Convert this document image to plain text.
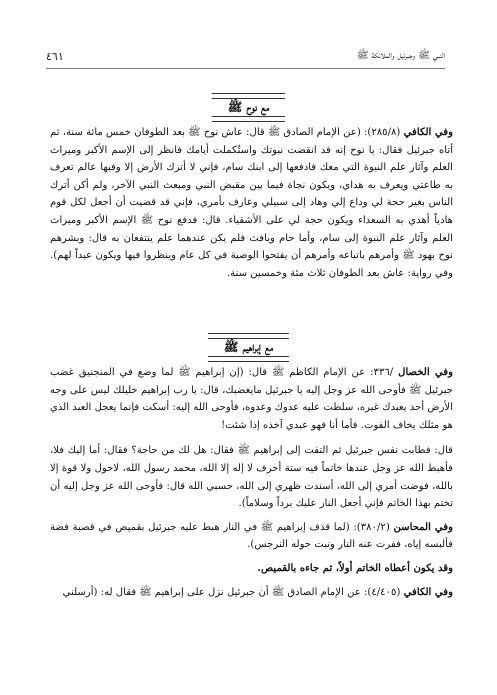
النبي ﷺ وجبرئيل والملائكة ﷺ
٤٦١
مع نوح ﷺ

وفي الكافي (٢٨٥/٨): (عن الإمام الصادق ﷺ قال: عاش نوح ﷺ بعد الطوفان خمس مائة سنة، ثم أتاه جبرئيل فقال: يا نوح إنه قد انقضت نبوتك واستُكملت أيامك فانظر إلى الإسم الأكبر وميراث العلم وآثار علم النبوة التي معك فادفعها إلى ابنك سام، فإني لا أترك الأرض إلا وفيها عالم تعرف به طاعتي ويعرف به هداي، ويكون نجاة فيما بين مقبض النبي ومبعث النبي الآخر، ولم أكن أترك الناس بغير حجة لي وداع إلي وهاد إلى سبيلي وعارف بأمري، فإني قد قضيت أن أجعل لكل قوم هادياً أهدي به السعداء ويكون حجة لي على الأشقياء. قال: فدفع نوح ﷺ الإسم الأكبر وميراث العلم وآثار علم النبوة إلى سام، وأما حام ويافث فلم يكن عندهما علم ينتفعان به قال: وبشرهم نوح بهود ﷺ وأمرهم باتباعه وأمرهم أن يفتحوا الوصية في كل عام وينظروا فيها ويكون عيداً لهم). وفي رواية: عاش بعد الطوفان ثلاث مئة وخمسين سنة.

مع إبراهيم ﷺ

وفي الخصال /٣٣٦: عن الإمام الكاظم ﷺ قال: (إن إبراهيم ﷺ لما وضع في المنجنيق غضب جبرئيل ﷺ فأوحى الله عز وجل إليه يا جبرئيل مايغضبك، قال: يا رب إبراهيم خليلك ليس على وجه الأرض أحد يعبدك غيره، سلطت عليه عدوك وعدوه، فأوحى الله إليه: أسكت فإنما يعجل العبد الذي هو مثلك يخاف الفوت. فأما أنا فهو عبدي آخذه إذا شئت!

قال: فطابت نفس جبرئيل ثم التفت إلى إبراهيم ﷺ فقال: هل لك من حاجة؟ فقال: أما إليك فلا، فأهبط الله عز وجل عندها خاتماً فيه ستة أحرف لا إله إلا الله، محمد رسول الله، لاحول ولا قوة إلا بالله، فوضت أمري إلى الله، أسندت ظهري إلى الله، حسبي الله قال: فأوحى الله عز وجل إليه أن تختم بهذا الخاتم فإني أجعل النار عليك برداً وسلاماً).

وفي المحاسن (٣٨٠/٢): (لما قذف إبراهيم ﷺ في النار هبط عليه جبرئيل بقميص في قصبة فضة فألبسه إياه، ففرت عنه النار ونبت حوله النرجس).

وقد يكون أعطاه الخاتم أولاً، ثم جاءه بالقميص.

وفي الكافي (٤/٤٠٥): عن الإمام الصادق ﷺ أن جبرئيل نزل على إبراهيم ﷺ فقال له: (أرسلني
